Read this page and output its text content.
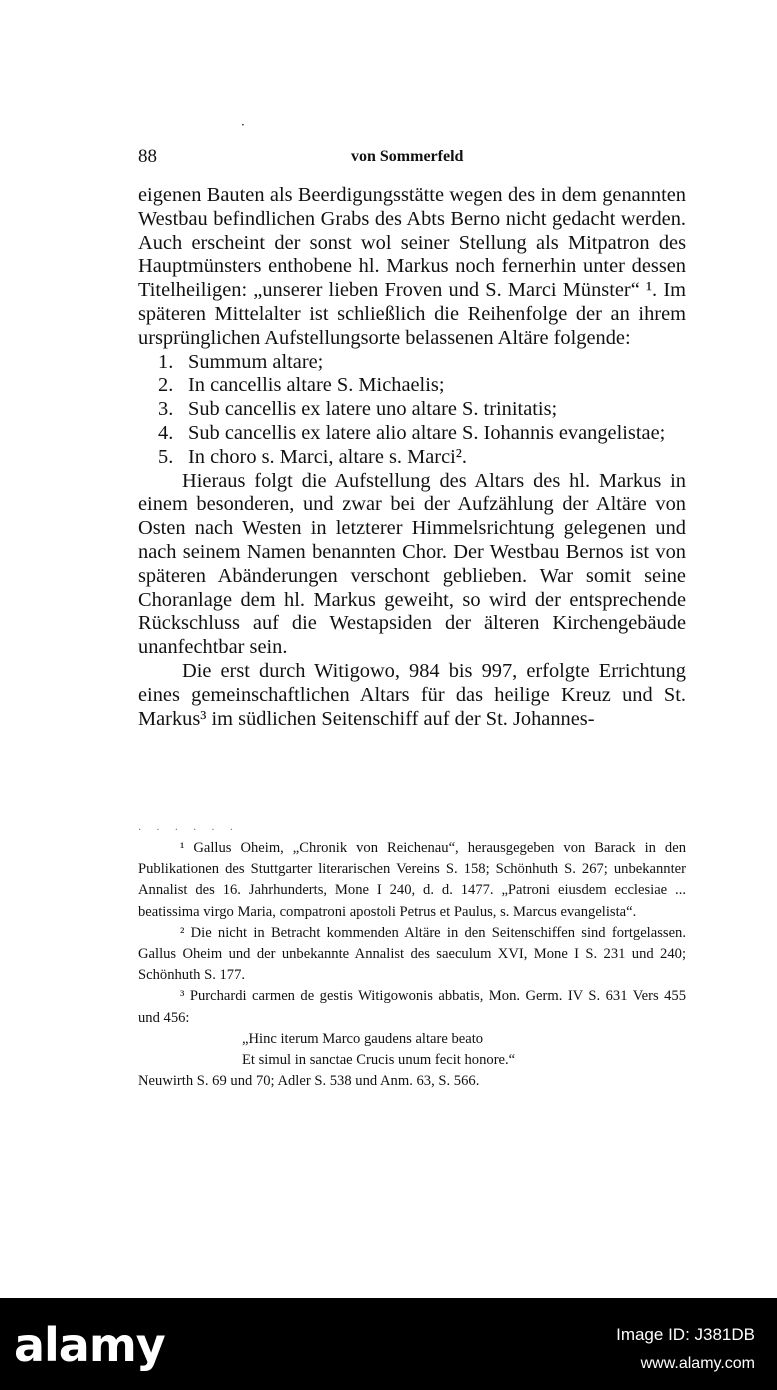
·
88	von Sommerfeld

eigenen Bauten als Beerdigungsstätte wegen des in dem genannten Westbau befindlichen Grabs des Abts Berno nicht gedacht werden. Auch erscheint der sonst wol seiner Stellung als Mitpatron des Hauptmünsters enthobene hl. Markus noch fernerhin unter dessen Titelheiligen: „unserer lieben Froven und S. Marci Münster“ ¹. Im späteren Mittelalter ist schließlich die Reihenfolge der an ihrem ursprünglichen Aufstellungsorte belassenen Altäre folgende:

1. Summum altare;
2. In cancellis altare S. Michaelis;
3. Sub cancellis ex latere uno altare S. trinitatis;
4. Sub cancellis ex latere alio altare S. Iohannis evangelistae;
5. In choro s. Marci, altare s. Marci².

Hieraus folgt die Aufstellung des Altars des hl. Markus in einem besonderen, und zwar bei der Aufzählung der Altäre von Osten nach Westen in letzterer Himmelsrichtung gelegenen und nach seinem Namen benannten Chor. Der Westbau Bernos ist von späteren Abänderungen verschont geblieben. War somit seine Choranlage dem hl. Markus geweiht, so wird der entsprechende Rückschluss auf die Westapsiden der älteren Kirchengebäude unanfechtbar sein.

Die erst durch Witigowo, 984 bis 997, erfolgte Errichtung eines gemeinschaftlichen Altars für das heilige Kreuz und St. Markus³ im südlichen Seitenschiff auf der St. Johannes-

. . . . . .

¹ Gallus Oheim, „Chronik von Reichenau“, herausgegeben von Barack in den Publikationen des Stuttgarter literarischen Vereins S. 158; Schönhuth S. 267; unbekannter Annalist des 16. Jahrhunderts, Mone I 240, d. d. 1477. „Patroni eiusdem ecclesiae ... beatissima virgo Maria, compatroni apostoli Petrus et Paulus, s. Marcus evangelista“.

² Die nicht in Betracht kommenden Altäre in den Seitenschiffen sind fortgelassen. Gallus Oheim und der unbekannte Annalist des saeculum XVI, Mone I S. 231 und 240; Schönhuth S. 177.

³ Purchardi carmen de gestis Witigowonis abbatis, Mon. Germ. IV S. 631 Vers 455 und 456:

„Hinc iterum Marco gaudens altare beato

Et simul in sanctae Crucis unum fecit honore.“

Neuwirth S. 69 und 70; Adler S. 538 und Anm. 63, S. 566.

alamy	Image ID: J381DB
www.alamy.com
